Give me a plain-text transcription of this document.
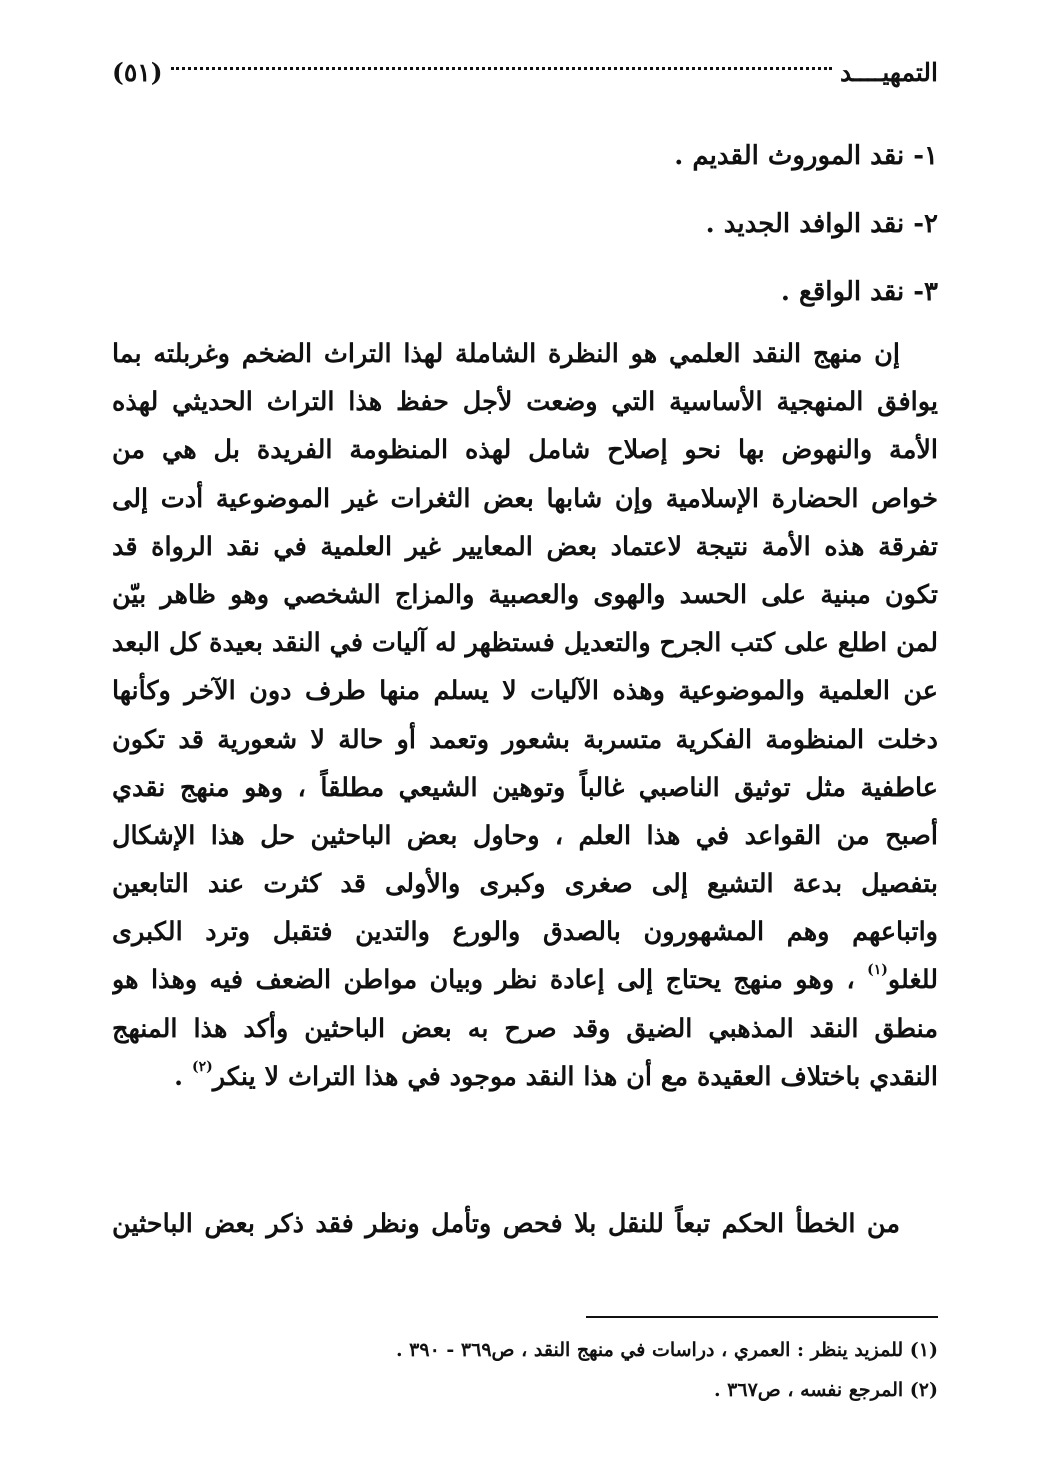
التمهيــــد
(٥١)
١- نقد الموروث القديم .
٢- نقد الوافد الجديد .
٣- نقد الواقع .
إن منهج النقد العلمي هو النظرة الشاملة لهذا التراث الضخم وغربلته بما
يوافق المنهجية الأساسية التي وضعت لأجل حفظ هذا التراث الحديثي لهذه
الأمة والنهوض بها نحو إصلاح شامل لهذه المنظومة الفريدة بل هي من
خواص الحضارة الإسلامية وإن شابها بعض الثغرات غير الموضوعية أدت إلى
تفرقة هذه الأمة نتيجة لاعتماد بعض المعايير غير العلمية في نقد الرواة قد
تكون مبنية على الحسد والهوى والعصبية والمزاج الشخصي وهو ظاهر بيّن
لمن اطلع على كتب الجرح والتعديل فستظهر له آليات في النقد بعيدة كل البعد
عن العلمية والموضوعية وهذه الآليات لا يسلم منها طرف دون الآخر وكأنها
دخلت المنظومة الفكرية متسربة بشعور وتعمد أو حالة لا شعورية قد تكون
عاطفية مثل توثيق الناصبي غالباً وتوهين الشيعي مطلقاً ، وهو منهج نقدي
أصبح من القواعد في هذا العلم ، وحاول بعض الباحثين حل هذا الإشكال
بتفصيل بدعة التشيع إلى صغرى وكبرى والأولى قد كثرت عند التابعين
واتباعهم وهم المشهورون بالصدق والورع والتدين فتقبل وترد الكبرى
للغلو$^{(١)}$ ، وهو منهج يحتاج إلى إعادة نظر وبيان مواطن الضعف فيه وهذا هو
منطق النقد المذهبي الضيق وقد صرح به بعض الباحثين وأكد هذا المنهج
النقدي باختلاف العقيدة مع أن هذا النقد موجود في هذا التراث لا ينكر$^{(٢)}$ .
من الخطأ الحكم تبعاً للنقل بلا فحص وتأمل ونظر فقد ذكر بعض الباحثين
(١) للمزيد ينظر : العمري ، دراسات في منهج النقد ، ص٣٦٩ - ٣٩٠ .
(٢) المرجع نفسه ، ص٣٦٧ .
